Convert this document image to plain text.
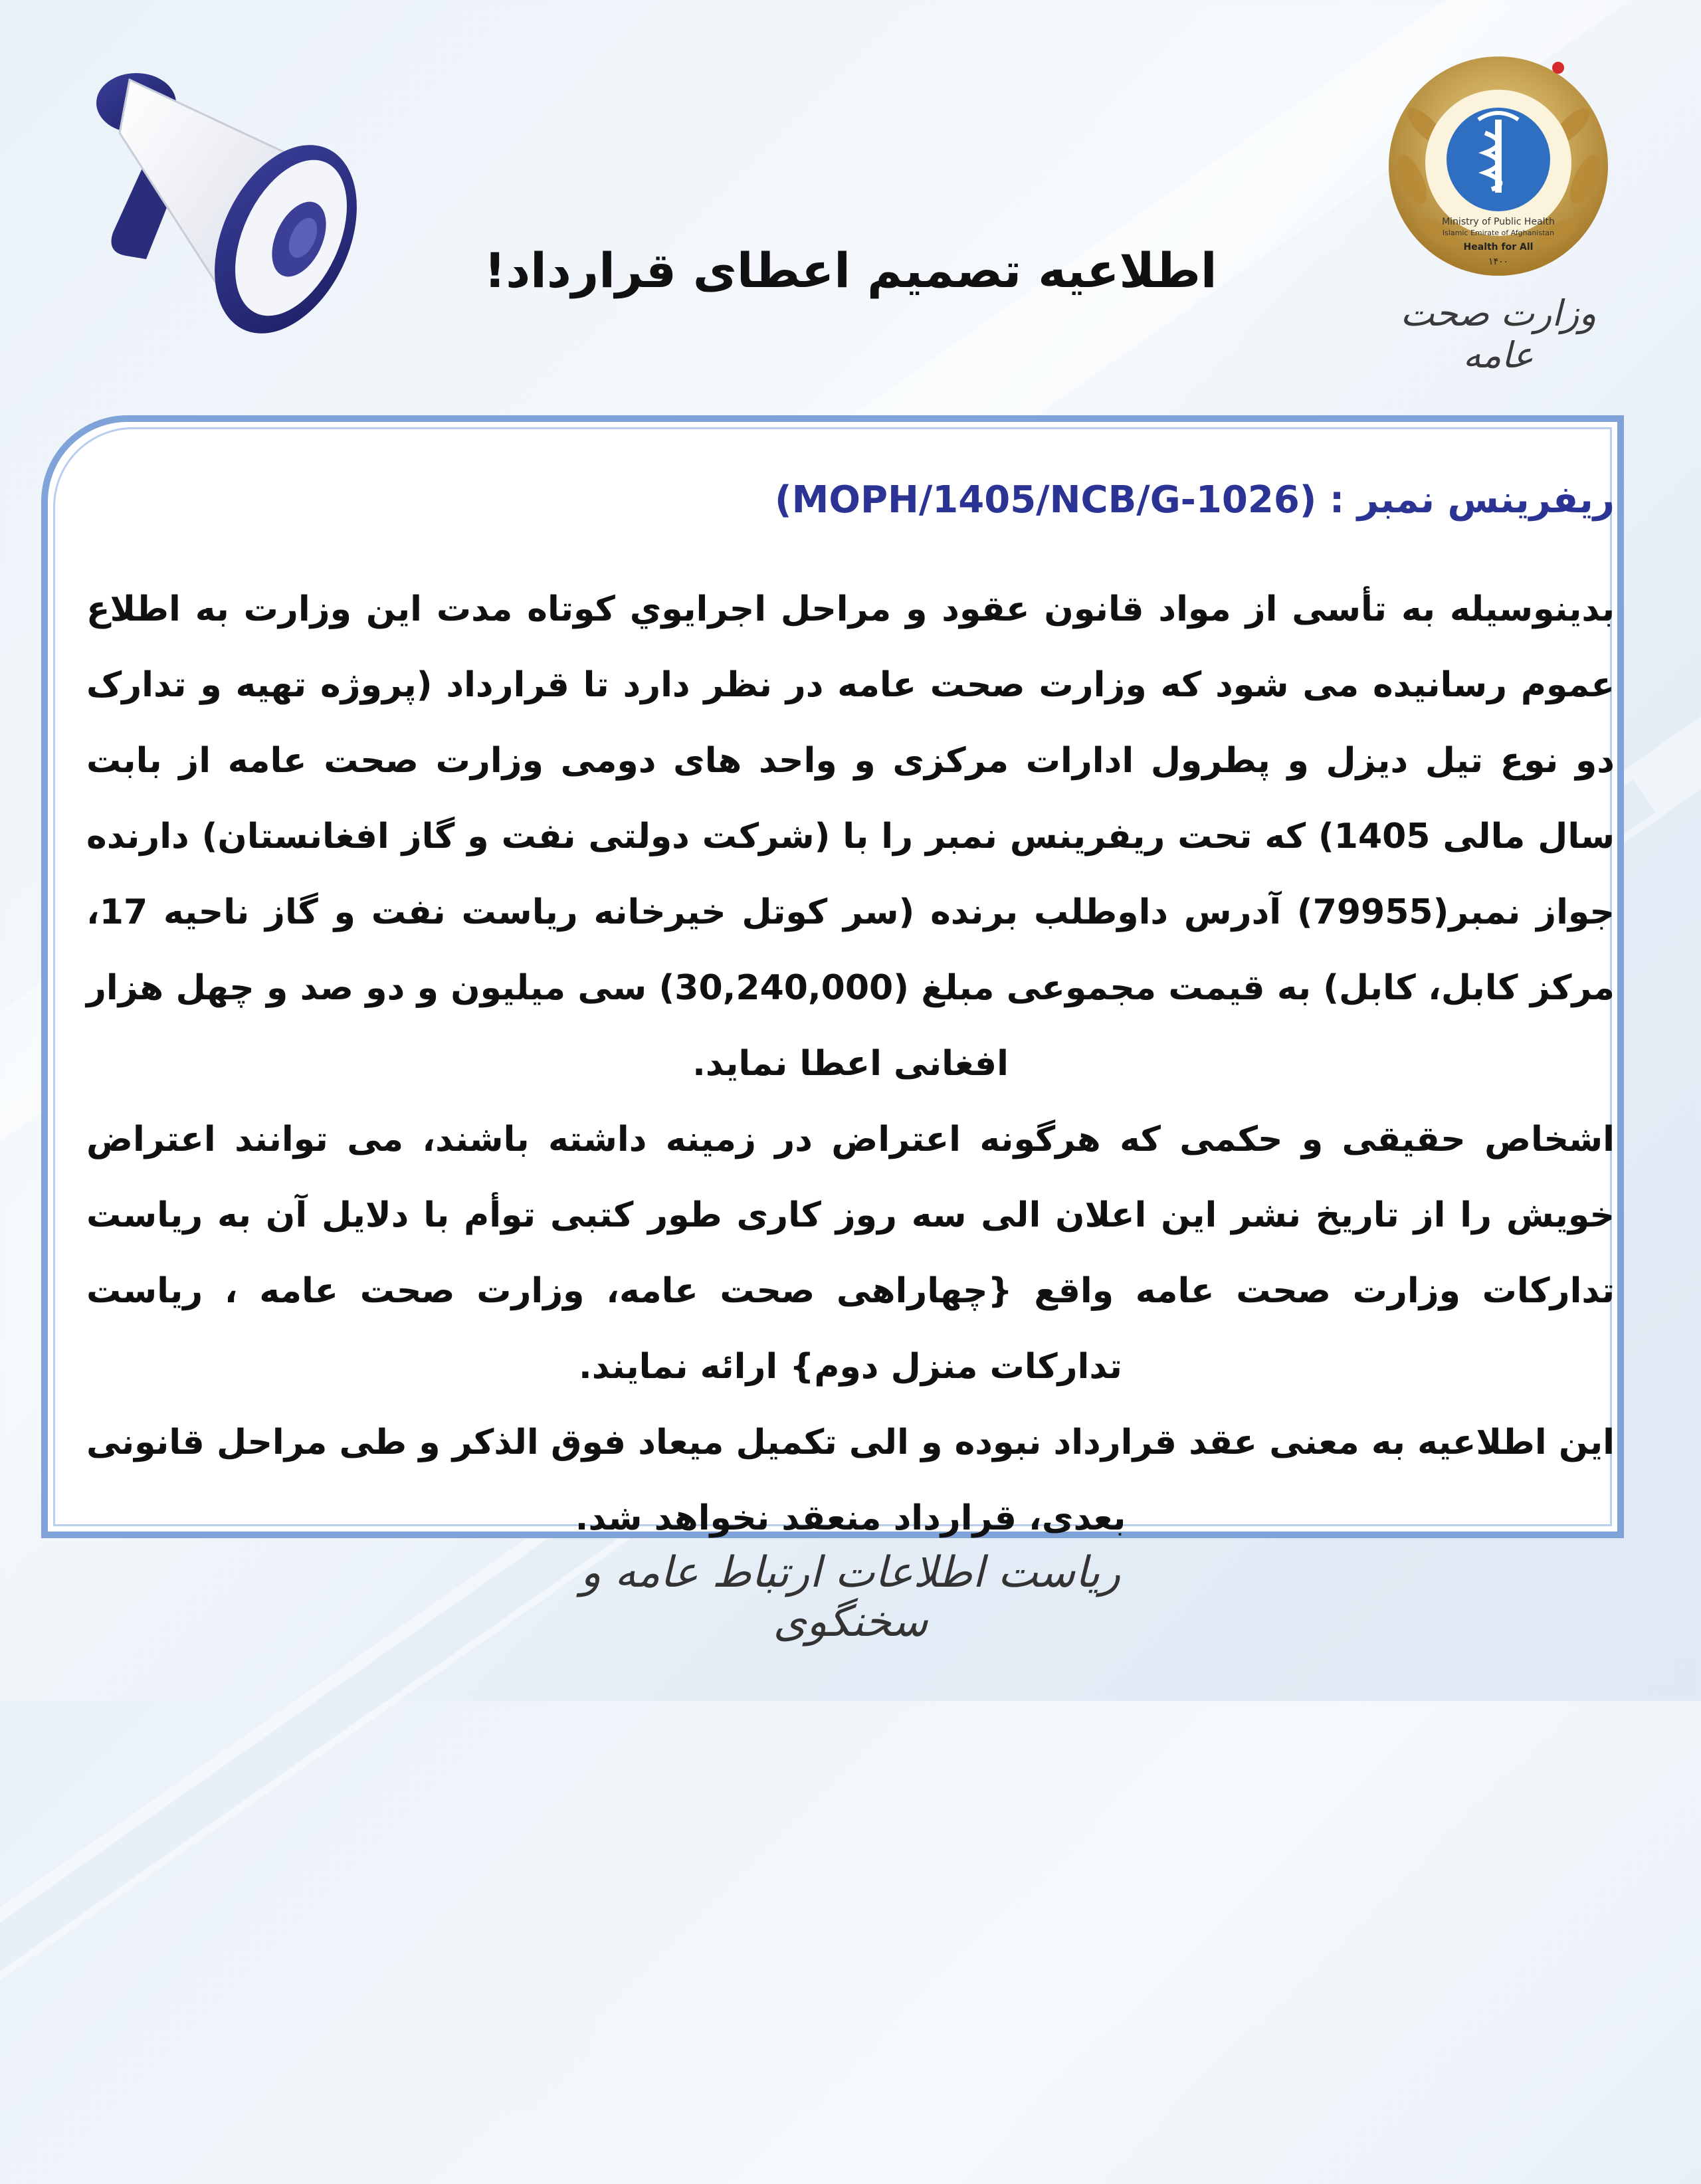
Ministry of Public Health
Islamic Emirate of Afghanistan
Health for All
۱۴۰۰
وزارت صحت عامه
اطلاعیه تصمیم اعطای قرارداد!
ریفرینس نمبر : (MOPH/1405/NCB/G-1026)

بدینوسیله به تأسی از مواد قانون عقود و مراحل اجرایوي کوتاه مدت این وزارت به اطلاع عموم رسانیده می شود که وزارت صحت عامه در نظر دارد تا قرارداد (پروژه تهیه و تدارک دو نوع تیل دیزل و پطرول ادارات مرکزی و واحد های دومی وزارت صحت عامه از بابت سال مالی 1405) که تحت ریفرینس نمبر را با (شرکت دولتی نفت و گاز افغانستان) دارنده جواز نمبر(79955) آدرس داوطلب برنده (سر کوتل خیرخانه ریاست نفت و گاز ناحیه 17، مرکز کابل، کابل) به قیمت مجموعی مبلغ (30,240,000) سی میلیون و دو صد و چهل هزار افغانی اعطا نماید.

اشخاص حقیقی و حکمی که هرگونه اعتراض در زمینه داشته باشند، می توانند اعتراض خویش را از تاریخ نشر این اعلان الی سه روز کاری طور کتبی توأم با دلایل آن به ریاست تدارکات وزارت صحت عامه واقع {چهاراهی صحت عامه، وزارت صحت عامه ، ریاست تدارکات منزل دوم} ارائه نمایند.

این اطلاعیه به معنی عقد قرارداد نبوده و الی تکمیل میعاد فوق الذکر و طی مراحل قانونی بعدی، قرارداد منعقد نخواهد شد.

ریاست اطلاعات ارتباط عامه و سخنگوی
